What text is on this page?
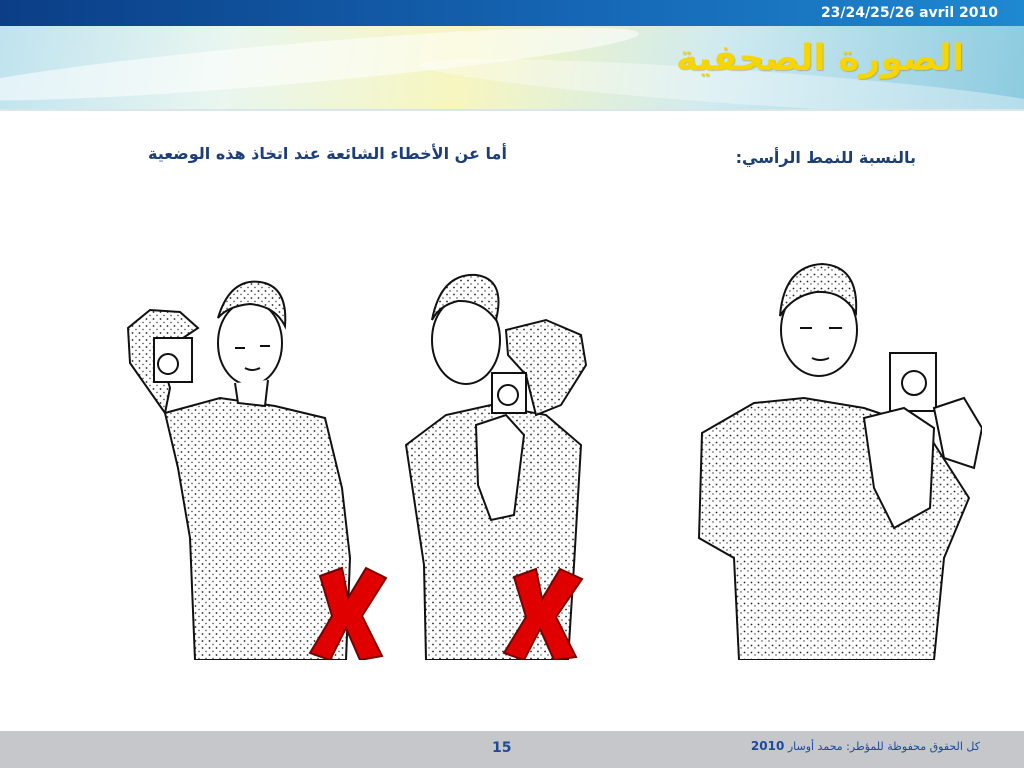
23/24/25/26 avril 2010
الصورة الصحفية
بالنسبة للنمط الرأسي:
أما عن الأخطاء الشائعة عند اتخاذ هذه الوضعية
15	كل الحقوق محفوظة للمؤطر: محمد أوسار 2010
